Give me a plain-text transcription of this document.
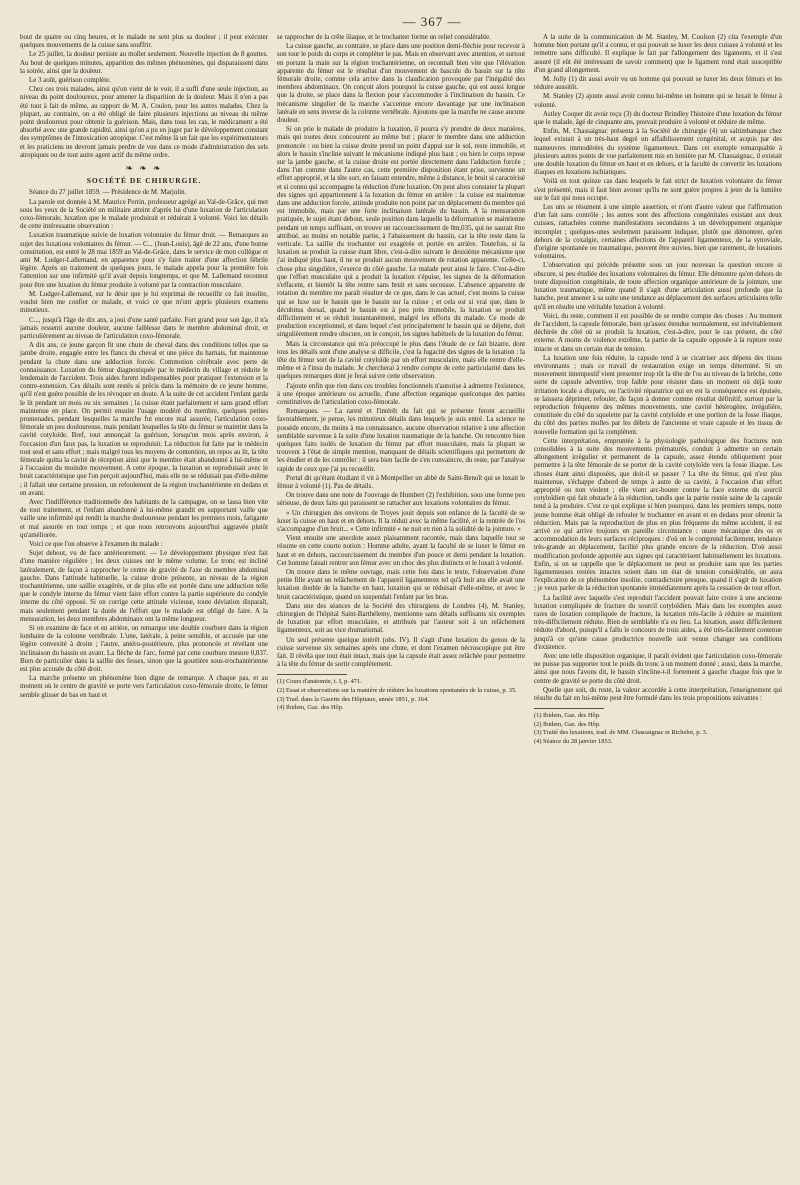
— 367 —

bout de quatre ou cinq heures, et le malade ne sent plus sa douleur ; il peut exécuter quelques mouvements de la cuisse sans souffrir.

Le 25 juillet, la douleur persiste au mollet seulement. Nouvelle injection de 8 gouttes. Au bout de quelques minutes, apparition des mêmes phénomènes, qui disparaissent dans la soirée, ainsi que la douleur.

Le 3 août, guérison complète.

Chez ces trois malades, ainsi qu'on vient de le voir, il a suffi d'une seule injection, au niveau du point douloureux, pour amener la disparition de la douleur. Mais il n'en a pas été tout à fait de même, au rapport de M. A. Coulon, pour les autres malades. Chez la plupart, au contraire, on a été obligé de faire plusieurs injections au niveau du même point douloureux pour obtenir la guérison. Mais, dans tous les cas, le médicament a été absorbé avec une grande rapidité, ainsi qu'on a pu en juger par le développement constant des symptômes de l'intoxication atropique. C'est même là un fait que les expérimentateurs et les praticiens ne devront jamais perdre de vue dans ce mode d'administration des sels atropiques ou de tout autre agent actif du même ordre.

❧ ❧ ❧
SOCIÉTÉ DE CHIRURGIE.

Séance du 27 juillet 1859. — Présidence de M. Marjolin.

La parole est donnée à M. Maurice Perrin, professeur agrégé au Val-de-Grâce, qui met sous les yeux de la Société un militaire atteint d'après lui d'une luxation de l'articulation coxo-fémorale, luxation que le malade produirait et réduirait à volonté. Voici les détails de cette intéressante observation :

Luxation traumatique suivie de luxation volontaire du fémur droit. — Remarques au sujet des luxations volontaires du fémur. — C... (Jean-Louis), âgé de 22 ans, d'une bonne constitution, est entré le 28 mai 1859 au Val-de-Grâce, dans le service de mon collègue et ami M. Ludger-Lallemand, en apparence pour s'y faire traiter d'une affection fébrile légère. Après un traitement de quelques jours, le malade appela pour la première fois l'attention sur une infirmité qu'il avait depuis longtemps, et que M. Lallemand reconnut pour être une luxation du fémur produite à volonté par la contraction musculaire.

M. Ludger-Lallemand, sur le désir que je lui exprimai de recueillir ce fait insolite, voulut bien me confier ce malade, et voici ce que m'ont appris plusieurs examens minutieux.

C..., jusqu'à l'âge de dix ans, a joui d'une santé parfaite. Fort grand pour son âge, il n'a jamais ressenti aucune douleur, aucune faiblesse dans le membre abdominal droit, et particulièrement au niveau de l'articulation coxo-fémorale.

A dix ans, ce jeune garçon fit une chute de cheval dans des conditions telles que sa jambe droite, engagée entre les flancs du cheval et une pièce du harnais, fut maintenue pendant la chute dans une adduction forcée. Commotion cérébrale avec perte de connaissance. Luxation du fémur diagnostiquée par le médecin du village et réduite le lendemain de l'accident. Trois aides furent indispensables pour pratiquer l'extension et la contre-extension. Ces détails sont restés si précis dans la mémoire de ce jeune homme, qu'il n'est guère possible de les révoquer en doute. A la suite de cet accident l'enfant garda le lit pendant un mois ou six semaines ; la cuisse étant parfaitement et sans grand effort maintenue en place. On permit ensuite l'usage modéré du membre, quelques petites promenades, pendant lesquelles la marche fut encore mal assurée, l'articulation coxo-fémorale un peu douloureuse, mais pendant lesquelles la tête du fémur se maintint dans la cavité cotyloïde. Bref, tout annonçait la guérison, lorsqu'un mois après environ, à l'occasion d'un faux pas, la luxation se reproduisit. La réduction fut faite par le médecin tout seul et sans effort ; mais malgré tous les moyens de contention, un repos au lit, la tête fémorale quitta la cavité de réception ainsi que le membre était abandonné à lui-même et à l'occasion du moindre mouvement. A cette époque, la luxation se reproduisait avec le bruit caractéristique que l'on perçoit aujourd'hui, mais elle ne se réduisait pas d'elle-même ; il fallait une certaine pression, un refoulement de la région trochantérienne en dedans et en avant.

Avec l'indifférence traditionnelle des habitants de la campagne, on se lassa bien vite de tout traitement, et l'enfant abandonné à lui-même grandit en supportant vaille que vaille une infirmité qui rendit la marche douloureuse pendant les premiers mois, fatigante et mal assurée en tout temps ; et que nous retrouvons aujourd'hui aggravée plutôt qu'améliorée.

Voici ce que l'on observe à l'examen du malade :

Sujet debout, vu de face antérieurement. — Le développement physique n'est fait d'une manière régulière ; les deux cuisses ont le même volume. Le tronc est incliné latéralement, de façon à rapprocher le centre de gravité de l'axe du membre abdominal gauche. Dans l'attitude habituelle, la cuisse droite présente, au niveau de la région trochantérienne, une saillie exagérée, et de plus elle est portée dans une adduction telle que le condyle interne du fémur vient faire effort contre la partie supérieure du condyle interne du côté opposé. Si on corrige cette attitude vicieuse, toute déviation disparaît, mais seulement pendant la durée de l'effort que le malade est obligé de faire. A la mensuration, les deux membres abdominaux ont la même longueur.

Si on examine de face et en arrière, on remarque une double courbure dans la région lombaire de la colonne vertébrale. L'une, latérale, à peine sensible, et accusée par une légère convexité à droite ; l'autre, antéro-postérieure, plus prononcée et révélant une inclinaison du bassin en avant. La flèche de l'arc, formé par cette courbure mesure 0,037. Bien de particulier dans la saillie des fesses, sinon que la gouttière sous-trochantérienne est plus accusée du côté droit.

La marche présente un phénomène bien digne de remarque. A chaque pas, et au moment où le centre de gravité se porte vers l'articulation coxo-fémorale droite, le fémur semble glisser de bas en haut et

se rapprocher de la crête iliaque, et le trochanter forme un relief considérable.

La cuisse gauche, au contraire, se place dans une position demi-fléchie pour recevoir à son tour le poids du corps et compléter le pas. Mais en observant avec attention, et surtout en portant la main sur la région trochantérienne, on reconnaît bien vite que l'élévation apparente du fémur est le résultat d'un mouvement de bascule du bassin sur la tête fémorale droite, comme cela arrive dans la claudication provoquée par l'inégalité des membres abdominaux. On conçoit alors pourquoi la cuisse gauche, qui est aussi longue que la droite, se place dans la flexion pour s'accommoder à l'inclinaison du bassin. Ce mécanisme singulier de la marche s'accentue encore davantage par une inclinaison latérale en sens inverse de la colonne vertébrale. Ajoutons que la marche ne cause aucune douleur.

Si on prie le malade de produire la luxation, il pourra s'y prendre de deux manières, mais qui toutes deux concourent au même but ; placer le membre dans une adduction prononcée : ou bien la cuisse droite prend un point d'appui sur le sol, reste immobile, et alors le bassin s'incline suivant le mécanisme indiqué plus haut ; ou bien le corps repose sur la jambe gauche, et la cuisse droite est portée directement dans l'adduction forcée ; dans l'un comme dans l'autre cas, cette première disposition étant prise, survienne un effort approprié, et la tête sort, en faisant entendre, même à distance, le bruit si caractérisé et si connu qui accompagne la réduction d'une luxation. On peut alors constater la plupart des signes qui appartiennent à la luxation du fémur en arrière : la cuisse est maintenue dans une adduction forcée, attitude produite non point par un déplacement du membre qui est immobile, mais par une forte inclinaison latérale du bassin. A la mensuration pratiquée, le sujet étant debout, seule position dans laquelle la déformation se maintienne pendant un temps suffisant, on trouve un raccourcissement de 0m,035, qui ne saurait être attribué, au moins en notable partie, à l'abaissement du bassin, car la tête reste dans la verticale. La saillie du trochanter est exagérée et portée en arrière. Toutefois, si la luxation se produit la cuisse étant libre, c'est-à-dire suivant le deuxième mécanisme que j'ai indiqué plus haut, il ne se produit aucun mouvement de rotation apparente. Celle-ci, chose plus singulière, s'exerce du côté gauche. Le malade peut ainsi le faire. C'est-à-dire que l'effort musculaire qui a produit la luxation s'épuise, les signes de la déformation s'effacent, et bientôt la tête rentre sans bruit et sans secousse. L'absence apparente de rotation du membre me paraît résulter de ce que, dans le cas actuel, c'est moins la cuisse qui se luxe sur le bassin que le bassin sur la cuisse ; et cela est si vrai que, dans le décubitus dorsal, quand le bassin est à peu près immobile, la luxation se produit difficilement et se réduit instantanément, malgré les efforts du malade. Ce mode de production exceptionnel, et dans lequel c'est principalement le bassin qui se déjette, doit singulièrement rendre obscure, on le conçoit, les signes habituels de la luxation du fémur.

Mais la circonstance qui m'a préoccupé le plus dans l'étude de ce fait bizarre, dont tous les détails sont d'une analyse si difficile, c'est la fugacité des signes de la luxation : la tête du fémur sort de la cavité cotyloïde par un effort musculaire, mais elle rentre d'elle-même et à l'insu du malade. Je chercherai à rendre compte de cette particularité dans les quelques remarques dont je ferai suivre cette observation.

J'ajoute enfin que rien dans ces troubles fonctionnels n'autorise à admettre l'existence, à une époque antérieure ou actuelle, d'une affection organique quelconque des parties constitutives de l'articulation coxo-fémorale.

Remarques. — La rareté et l'intérêt du fait qui se présente feront accueillir favorablement, je pense, les minutieux détails dans lesquels je suis entré. La science ne possède encore, du moins à ma connaissance, aucune observation relative à une affection semblable survenue à la suite d'une luxation traumatique de la hanche. On rencontre bien quelques faits isolés de luxation du fémur par effort musculaire, mais la plupart se trouvent à l'état de simple mention, manquant de détails scientifiques qui permettent de les étudier et de les contrôler : il sera bien facile de s'en convaincre, du reste, par l'analyse rapide de ceux que j'ai pu recueillir.

Portal dit qu'étant étudiant il vit à Montpellier un abbé de Saint-Benoît qui se luxait le fémur à volonté (1). Pas de détails.

On trouve dans une note de l'ouvrage de Humbert (2) l'exhibition, sous une forme peu sérieuse, de deux faits qui paraissent se rattacher aux luxations volontaires du fémur.

« Un chirurgien des environs de Troyes jouit depuis son enfance de la faculté de se luxer la cuisse en haut et en dehors. Il la réduit avec la même facilité, et la rentrée de l'os s'accompagne d'un bruit... » Cette infirmité « ne nuit en rien à la solidité de la jointure. »

Vient ensuite une anecdote assez plaisamment racontée, mais dans laquelle tout se résume en cette courte notion : Homme adulte, ayant la faculté de se luxer le fémur en haut et en dehors, raccourcissement du membre d'un pouce et demi pendant la luxation. Cet homme faisait rentrer son fémur avec un choc des plus distincts et le luxait à volonté.

On trouve dans le même ouvrage, mais cette fois dans le texte, l'observation d'une petite fille ayant un relâchement de l'appareil ligamenteux tel qu'à huit ans elle avait une luxation double de la hanche en haut, luxation qui se réduisait d'elle-même, et avec le bruit caractéristique, quand on suspendait l'enfant par les bras.

Dans une des séances de la Société des chirurgiens de Londres (4), M. Stanley, chirurgien de l'hôpital Saint-Barthélemy, mentionne sans détails suffisants six exemples de luxation par effort musculaire, et attribués par l'auteur soit à un relâchement ligamenteux, soit au vice rhumatismal.

Un seul présente quelque intérêt (obs. IV). Il s'agit d'une luxation du genou de la cuisse survenue six semaines après une chute, et dont l'examen nécroscopique put être fait. Il révéla que tout était intact, mais que la capsule était assez relâchée pour permettre à la tête du fémur de sortir complètement.

(1) Cours d'anatomie, t. I, p. 471.

(2) Essai et observations sur la manière de réduire les luxations spontanées de la cuisse, p. 35.

(3) Trad. dans la Gazette des Hôpitaux, année 1851, p. 164.

(4) Ibidem, Gaz. des Hôp.

A la suite de la communication de M. Stanley, M. Coulson (2) cita l'exemple d'un homme bien portant qu'il a connu, et qui pouvait se luxer les deux cuisses à volonté et les remettre sans difficulté. Il explique le fait par l'allongement des ligaments, et il s'est assuré (il eût été intéressant de savoir comment) que le ligament rond était susceptible d'un grand allongement.

M. Jolly (1) dit aussi avoir vu un homme qui pouvait se luxer les deux fémurs et les réduire aussitôt.

M. Stanley (2) ajoute aussi avoir connu lui-même un homme qui se luxait le fémur à volonté.

Astley Cooper dit avoir reçu (3) du docteur Brindley l'histoire d'une luxation du fémur que le malade, âgé de cinquante ans, pouvait produire à volonté et réduire de même.

Enfin, M. Chassaignac présenta à la Société de chirurgie (4) un saltimbanque chez lequel existait à un très-haut degré un affaiblissement congénital, et acquis par des manœuvres immodérées du système ligamenteux. Dans cet exemple remarquable à plusieurs autres points de vue parfaitement mis en lumière par M. Chassaignac, il existait une double luxation du fémur en haut et en dehors, et la faculté de convertir les luxations iliaques en luxations ischiatiques.

Voilà en tout quinze cas dans lesquels le fait strict de luxation volontaire du fémur s'est présenté, mais il faut bien avouer qu'ils ne sont guère propres à jeter de la lumière sur le fait qui nous occupe.

Les uns se résument à une simple assertion, et n'ont d'autre valeur que l'affirmation d'un fait sans contrôle ; les autres sont des affections congénitales existant aux deux cuisses, rattachées comme manifestations secondaires à un développement organique incomplet ; quelques-unes seulement paraissent indiquer, plutôt que démontrer, qu'en dehors de la coxalgie, certaines affections de l'appareil ligamenteux, de la synoviale, d'origine spontanée ou traumatique, peuvent être suivies, bien que rarement, de luxations volontaires.

L'observation qui précède présente sous un jour nouveau la question encore si obscure, si peu étudiée des luxations volontaires du fémur. Elle démontre qu'en dehors de toute disposition congénitale, de toute affection organique antérieure de la jointure, une luxation traumatique, même quand il s'agit d'une articulation aussi profonde que la hanche, peut amener à sa suite une tendance au déplacement des surfaces articulaires telle qu'il en résulte une véritable luxation à volonté.

Voici, du reste, comment il est possible de se rendre compte des choses : Au moment de l'accident, la capsule fémorale, bien qu'assez étendue normalement, est inévitablement déchirée du côté où se produit la luxation, c'est-à-dire, pour le cas présent, du côté externe. A moins de violence extrême, la partie de la capsule opposée à la rupture reste intacte et dans un certain état de tension.

La luxation une fois réduite, la capsule tend à se cicatriser aux dépens des tissus environnants ; mais ce travail de restauration exige un temps déterminé. Si un mouvement intempestif vient presenter trop tôt la tête de l'os au niveau de la brèche, cette sorte de capsule adventive, trop faible pour résister dans un moment où déjà toute irritation locale a disparu, ou l'activité réparatrice qui en est la conséquence est épuisée, se laissera déprimer, refouler, de façon à donner comme résultat définitif, surtout par la reproduction fréquente des mêmes mouvements, une cavité hétérogène, irrégulière, constituée du côté du squelette par la cavité cotyloïde et une portion de la fosse iliaque, du côté des parties molles par les débris de l'ancienne et vraie capsule et les tissus de nouvelle formation qui la complètent.

Cette interprétation, empruntée à la physiologie pathologique des fractures non consolidées à la suite des mouvements prématurés, conduit à admettre un certain allongement irrégulier et permanent de la capsule, assez étendu obliquement pour permettre à la tête fémorale de se porter de la cavité cotyloïde vers la fosse iliaque. Les choses étant ainsi disposées, que doit-il se passer ? La tête du fémur, qui n'est plus maintenue, s'échappe d'abord de temps à autre de sa cavité, à l'occasion d'un effort approprié ou non violent ; elle vient arc-bouter contre la face externe du sourcil cotyloïdien qui fait obstacle à la réduction, tandis que la partie restée saine de la capsule tend à la produire. C'est ce qui explique si bien pourquoi, dans les premiers temps, notre jeune homme était obligé de refouler le trochanter en avant et en dedans pour obtenir la réduction. Mais par la reproduction de plus en plus fréquente du même accident, il est arrivé ce qui arrive toujours en pareille circonstance : usure mécanique des os et accommodation de leurs surfaces réciproques : d'où on le comprend facilement, tendance très-grande au déplacement, facilité plus grande encore de la réduction. D'où aussi modification profonde apportée aux signes qui caractérisent habituellement les luxations. Enfin, si on se rappelle que le déplacement ne peut se produire sans que les parties ligamenteuses restées intactes soient dans un état de tension considérable, on aura l'explication de ce phénomène insolite, contradictoire presque, quand il s'agit de luxation ; je veux parler de la réduction spontanée immédiatement après la cessation de tout effort.

La facilité avec laquelle s'est reproduit l'accident pouvait faire croire à une ancienne luxation compliquée de fracture du sourcil cotyloïdien. Mais dans les exemples assez rares de luxation compliquée de fracture, la luxation très-facile à réduire se maintient très-difficilement réduite. Rien de semblable n'a eu lieu. La luxation, assez difficilement réduite d'abord, puisqu'il a fallu le concours de trois aides, a été très-facilement contenue jusqu'à ce qu'une cause productrice nouvelle soit venue changer ses conditions d'existence.

Avec une telle disposition organique, il paraît évident que l'articulation coxo-fémorale ne puisse pas supporter tout le poids du tronc à un moment donné ; aussi, dans la marche, ainsi que nous l'avons dit, le bassin s'incline-t-il fortement à gauche chaque fois que le centre de gravité se porte du côté droit.

Quelle que soit, du reste, la valeur accordée à cette interprétation, l'enseignement qui résulte du fait en lui-même peut être formulé dans les trois propositions suivantes :

(1) Ibidem, Gaz. des Hôp.

(2) Ibidem, Gaz. des Hôp.

(3) Traité des luxations, trad. de MM. Chassaignac et Richelot, p. 3.

(4) Séance du 28 janvier 1853.
